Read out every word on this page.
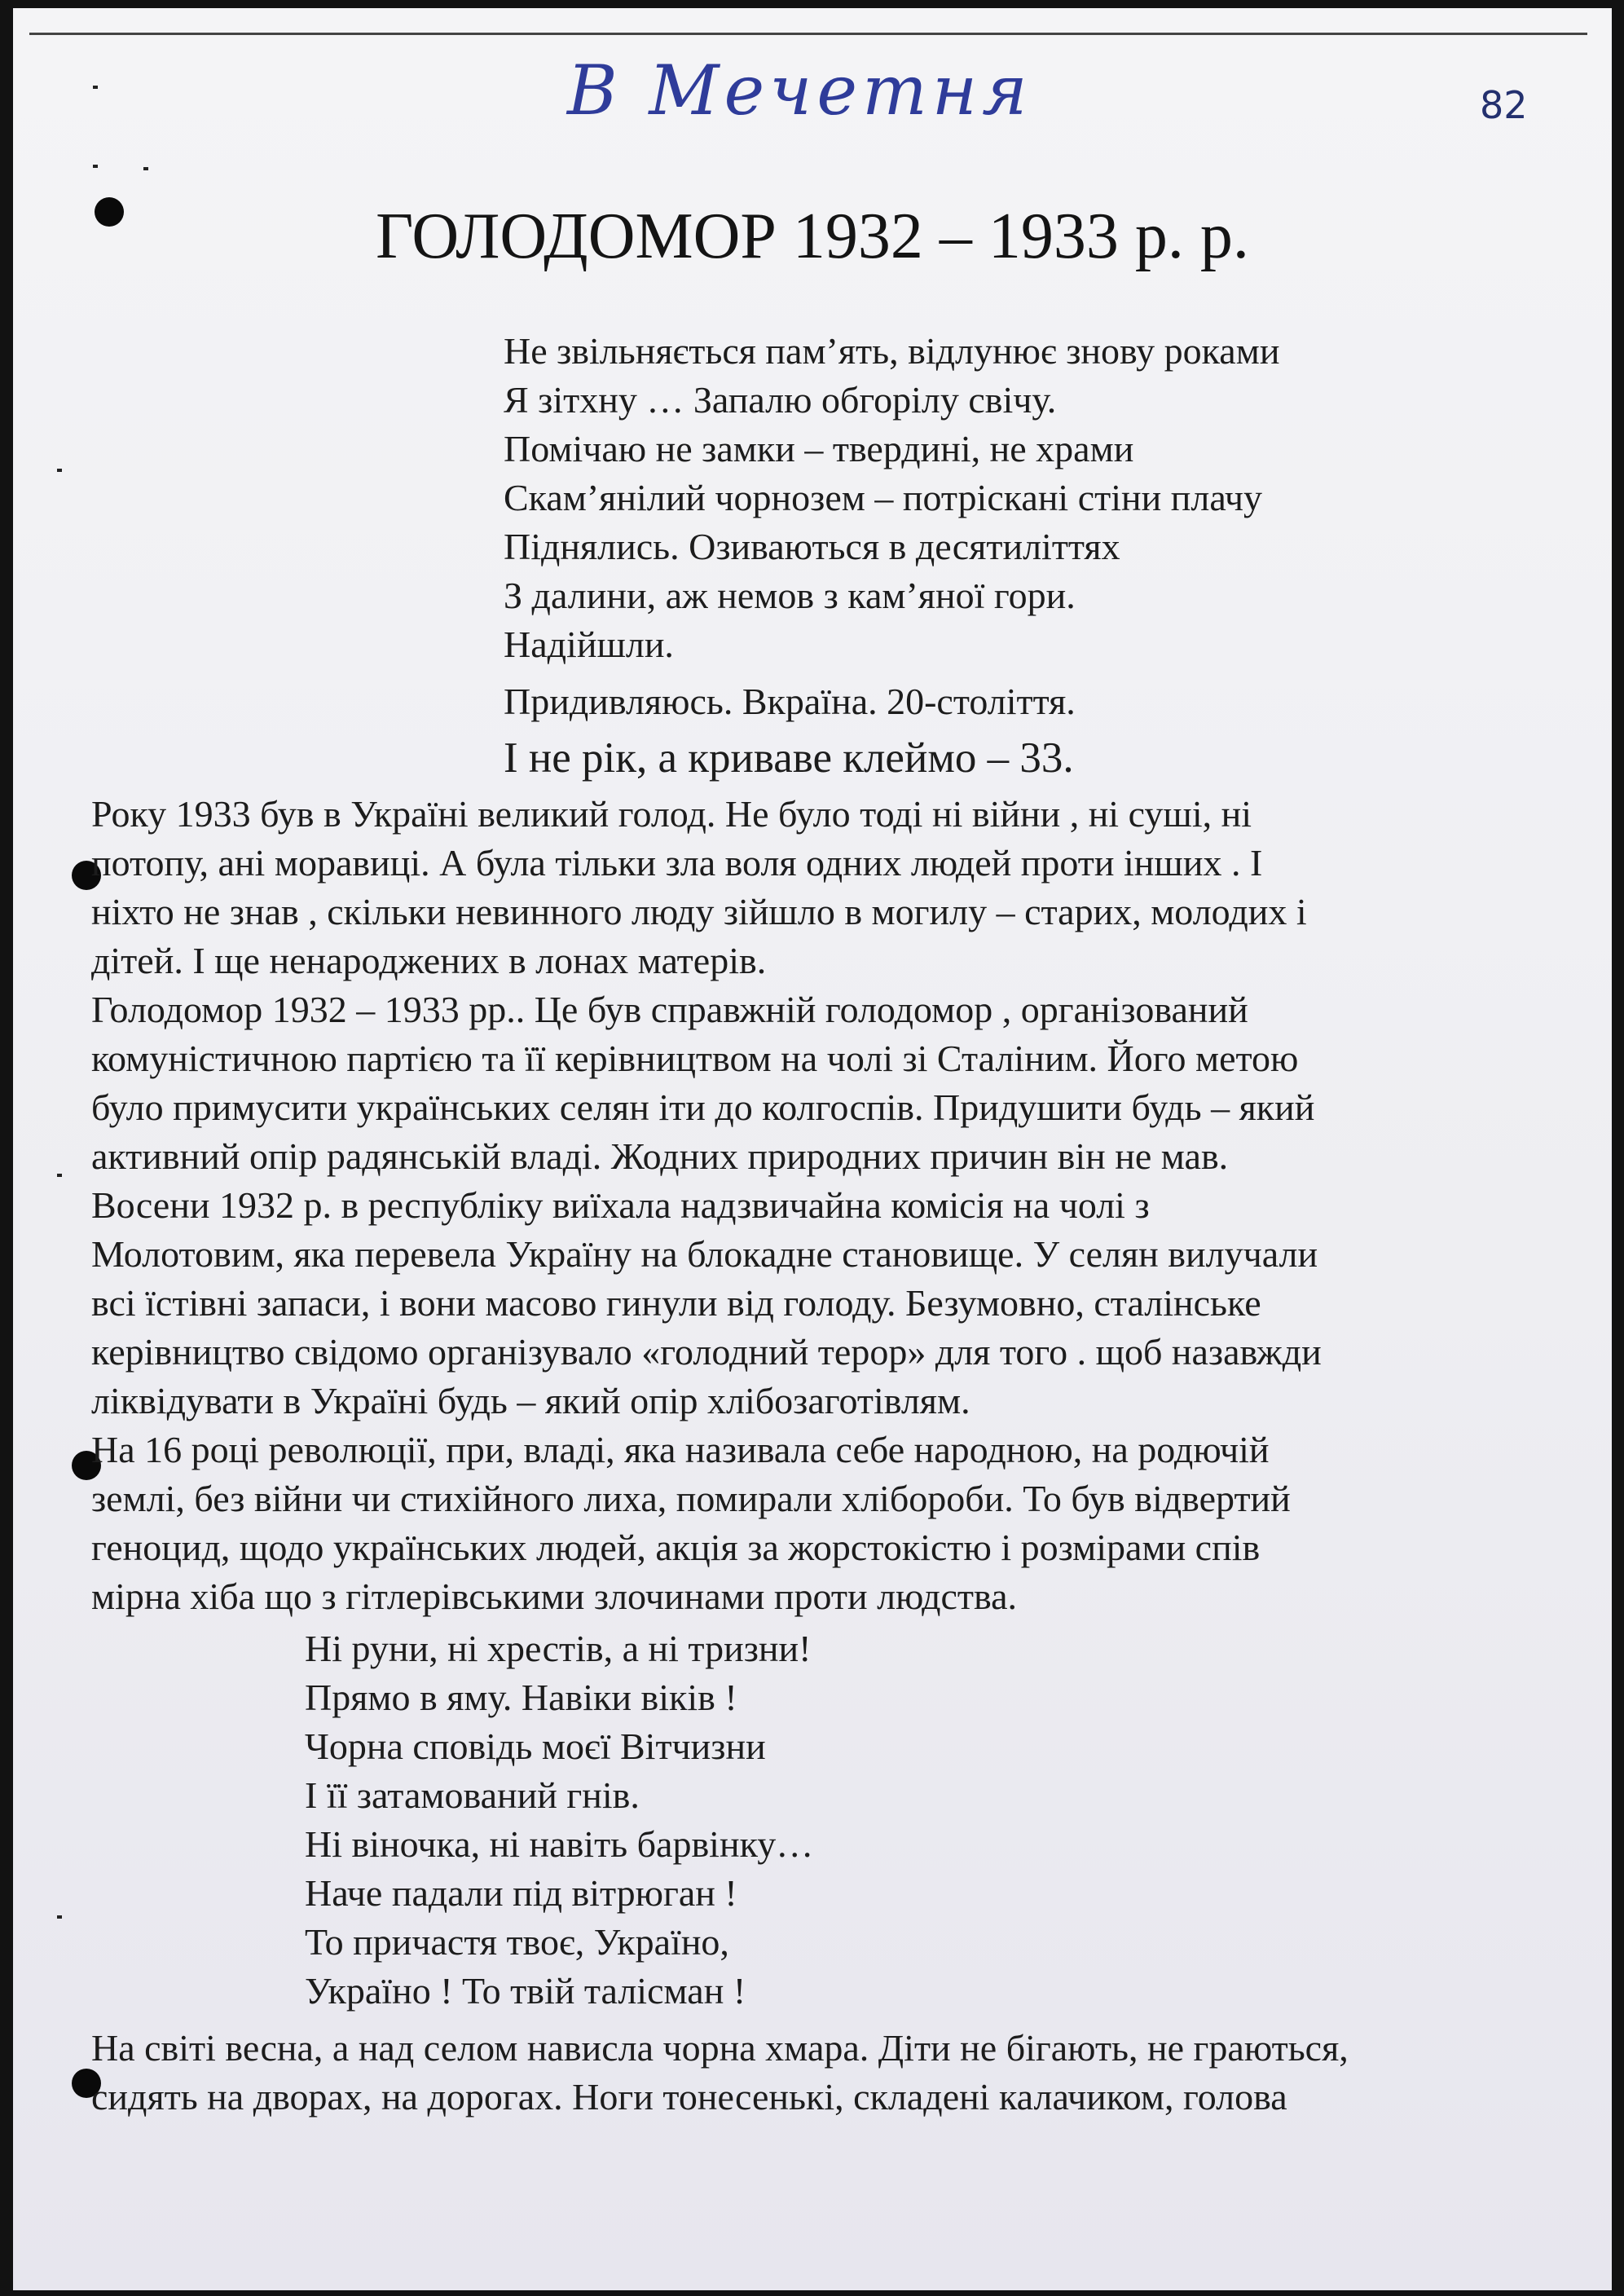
В Мечетня	82
ГОЛОДОМОР 1932 – 1933 р. р.
Не звільняється пам’ять, відлунює знову роками
Я зітхну … Запалю обгорілу свічу.
Помічаю не замки – твердині, не храми
Скам’янілий чорнозем – потріскані стіни плачу
Піднялись. Озиваються в десятиліттях
З далини, аж немов з кам’яної гори.
Надійшли.
Придивляюсь. Вкраїна. 20-століття.
І не рік, а криваве клеймо – 33.
Року 1933 був в Україні великий голод. Не було тоді ні війни , ні суші, ні
потопу, ані моравиці. А була тільки зла воля одних людей проти інших . І
ніхто не знав , скільки невинного люду зійшло в могилу – старих, молодих і
дітей. І ще ненароджених в лонах матерів.
Голодомор 1932 – 1933 рр.. Це був справжній голодомор , організований
комуністичною партією та її керівництвом на чолі зі Сталіним. Його метою
було примусити українських селян іти до колгоспів. Придушити будь – який
активний опір радянській владі. Жодних природних причин він не мав.
Восени 1932 р. в республіку виїхала надзвичайна комісія на чолі з
Молотовим, яка перевела Україну на блокадне становище. У селян вилучали
всі їстівні запаси, і вони масово гинули від голоду. Безумовно, сталінське
керівництво свідомо організувало «голодний терор» для того . щоб назавжди
ліквідувати в Україні будь – який опір хлібозаготівлям.
На 16 році революції, при, владі, яка називала себе народною, на родючій
землі, без війни чи стихійного лиха, помирали хлібороби. То був відвертий
геноцид, щодо українських людей, акція за жорстокістю і розмірами спів
мірна хіба що з гітлерівськими злочинами проти людства.
Ні руни, ні хрестів, а ні тризни!
Прямо в яму. Навіки віків !
Чорна сповідь моєї Вітчизни
І її затамований гнів.
Ні віночка, ні навіть барвінку…
Наче падали під вітрюган !
То причастя твоє, Україно,
Україно ! То твій талісман !
На світі весна, а над селом нависла чорна хмара. Діти не бігають, не граються,
сидять на дворах, на дорогах. Ноги тонесенькі, складені калачиком, голова
